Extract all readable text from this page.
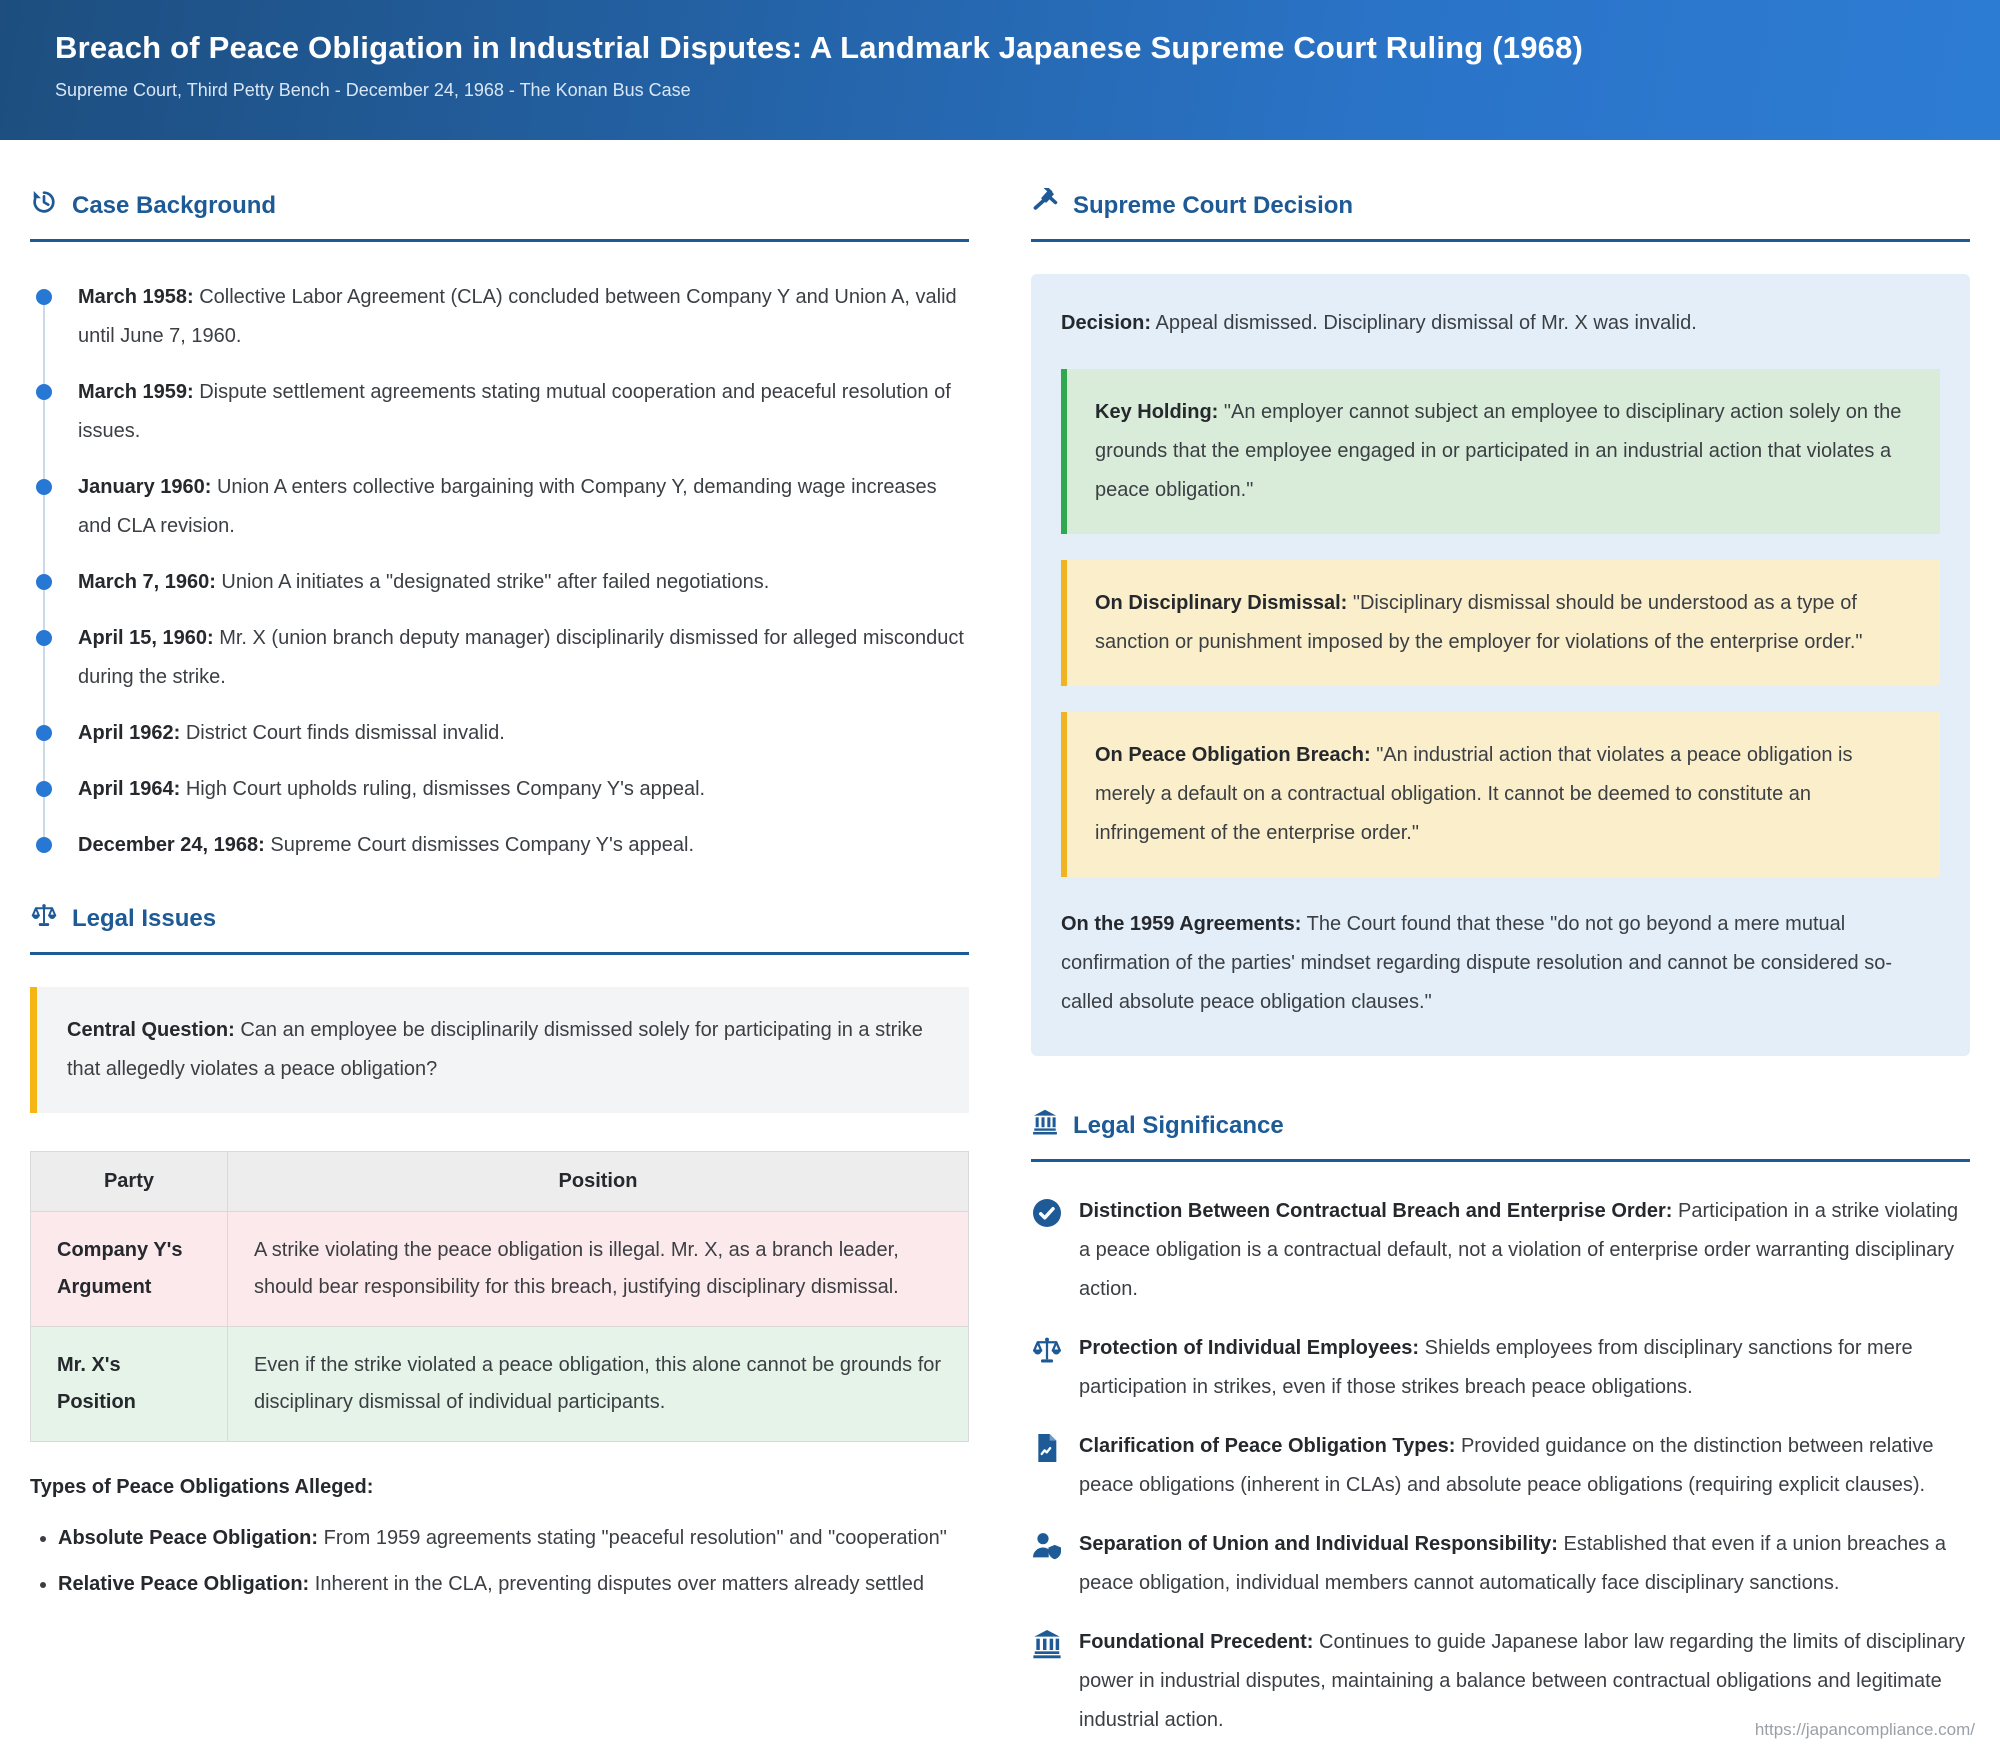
Breach of Peace Obligation in Industrial Disputes: A Landmark Japanese Supreme Court Ruling (1968)
Supreme Court, Third Petty Bench - December 24, 1968 - The Konan Bus Case
Case Background
March 1958: Collective Labor Agreement (CLA) concluded between Company Y and Union A, valid until June 7, 1960.
March 1959: Dispute settlement agreements stating mutual cooperation and peaceful resolution of issues.
January 1960: Union A enters collective bargaining with Company Y, demanding wage increases and CLA revision.
March 7, 1960: Union A initiates a "designated strike" after failed negotiations.
April 15, 1960: Mr. X (union branch deputy manager) disciplinarily dismissed for alleged misconduct during the strike.
April 1962: District Court finds dismissal invalid.
April 1964: High Court upholds ruling, dismisses Company Y's appeal.
December 24, 1968: Supreme Court dismisses Company Y's appeal.
Legal Issues
Central Question: Can an employee be disciplinarily dismissed solely for participating in a strike that allegedly violates a peace obligation?
Party	Position
Company Y's Argument	A strike violating the peace obligation is illegal. Mr. X, as a branch leader, should bear responsibility for this breach, justifying disciplinary dismissal.
Mr. X's Position	Even if the strike violated a peace obligation, this alone cannot be grounds for disciplinary dismissal of individual participants.
Types of Peace Obligations Alleged:
• Absolute Peace Obligation: From 1959 agreements stating "peaceful resolution" and "cooperation"
• Relative Peace Obligation: Inherent in the CLA, preventing disputes over matters already settled
Supreme Court Decision
Decision: Appeal dismissed. Disciplinary dismissal of Mr. X was invalid.
Key Holding: "An employer cannot subject an employee to disciplinary action solely on the grounds that the employee engaged in or participated in an industrial action that violates a peace obligation."
On Disciplinary Dismissal: "Disciplinary dismissal should be understood as a type of sanction or punishment imposed by the employer for violations of the enterprise order."
On Peace Obligation Breach: "An industrial action that violates a peace obligation is merely a default on a contractual obligation. It cannot be deemed to constitute an infringement of the enterprise order."
On the 1959 Agreements: The Court found that these "do not go beyond a mere mutual confirmation of the parties' mindset regarding dispute resolution and cannot be considered so-called absolute peace obligation clauses."
Legal Significance
Distinction Between Contractual Breach and Enterprise Order: Participation in a strike violating a peace obligation is a contractual default, not a violation of enterprise order warranting disciplinary action.
Protection of Individual Employees: Shields employees from disciplinary sanctions for mere participation in strikes, even if those strikes breach peace obligations.
Clarification of Peace Obligation Types: Provided guidance on the distinction between relative peace obligations (inherent in CLAs) and absolute peace obligations (requiring explicit clauses).
Separation of Union and Individual Responsibility: Established that even if a union breaches a peace obligation, individual members cannot automatically face disciplinary sanctions.
Foundational Precedent: Continues to guide Japanese labor law regarding the limits of disciplinary power in industrial disputes, maintaining a balance between contractual obligations and legitimate industrial action.	https://japancompliance.com/
